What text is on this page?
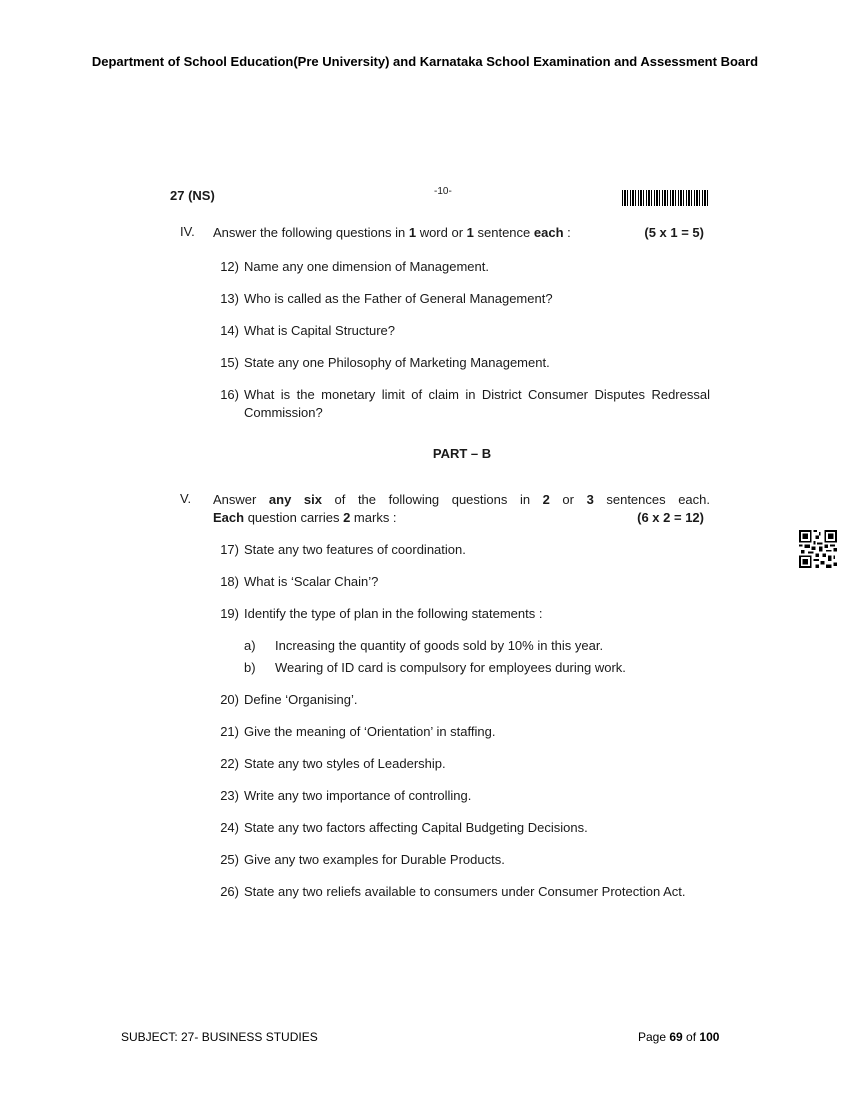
Department of School Education(Pre University) and Karnataka School Examination and Assessment Board
27 (NS)	-10-
IV. Answer the following questions in 1 word or 1 sentence each :	(5 x 1 = 5)
12) Name any one dimension of Management.
13) Who is called as the Father of General Management?
14) What is Capital Structure?
15) State any one Philosophy of Marketing Management.
16) What is the monetary limit of claim in District Consumer Disputes Redressal Commission?
PART – B
V. Answer any six of the following questions in 2 or 3 sentences each.
Each question carries 2 marks :	(6 x 2 = 12)
17) State any two features of coordination.
18) What is ‘Scalar Chain’?
19) Identify the type of plan in the following statements :
a) Increasing the quantity of goods sold by 10% in this year.
b) Wearing of ID card is compulsory for employees during work.
20) Define ‘Organising’.
21) Give the meaning of ‘Orientation’ in staffing.
22) State any two styles of Leadership.
23) Write any two importance of controlling.
24) State any two factors affecting Capital Budgeting Decisions.
25) Give any two examples for Durable Products.
26) State any two reliefs available to consumers under Consumer Protection Act.
SUBJECT: 27- BUSINESS STUDIES	Page 69 of 100
